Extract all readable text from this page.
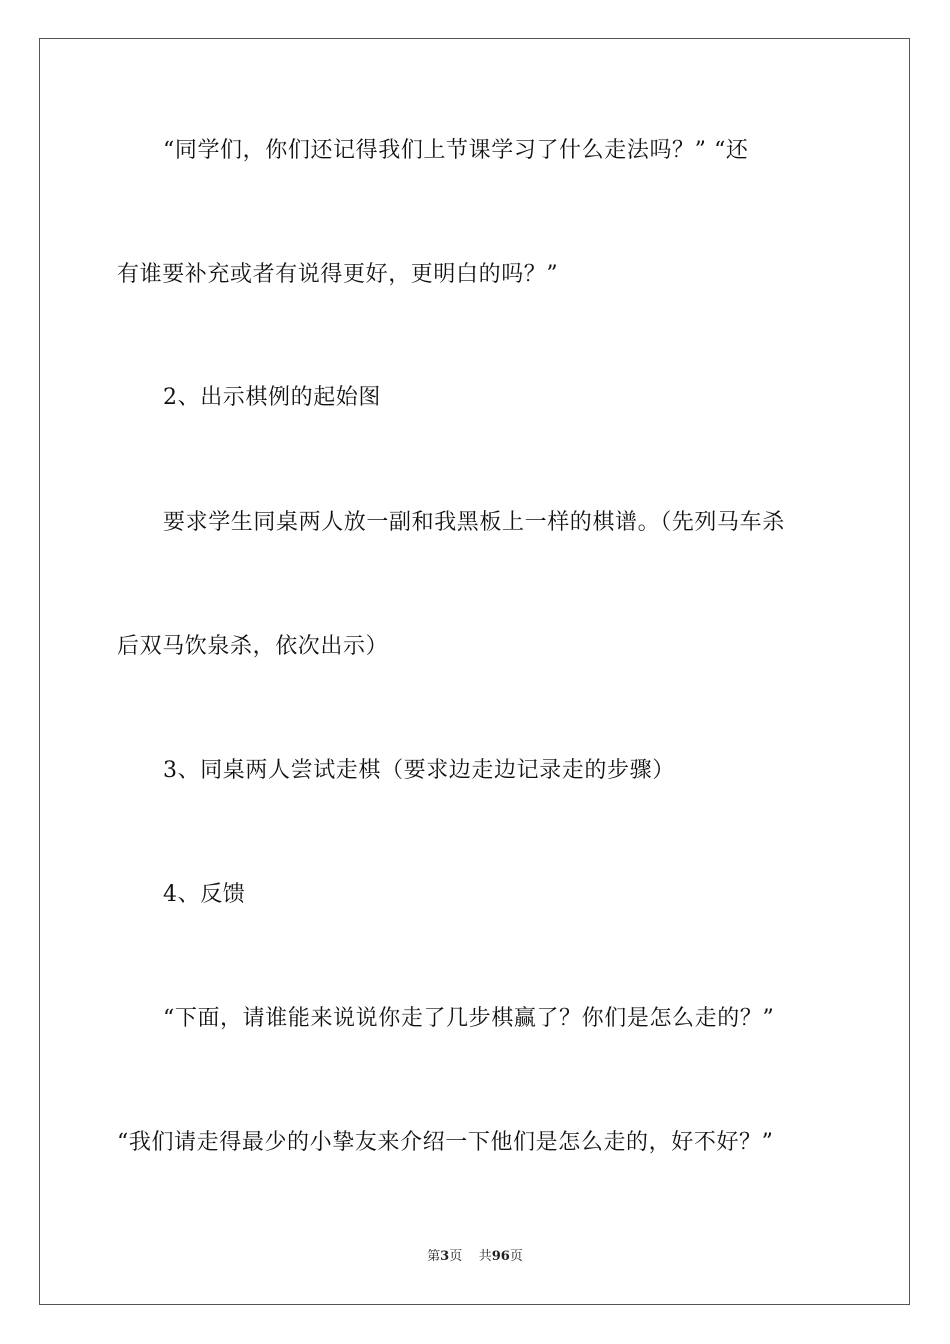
“同学们，你们还记得我们上节课学习了什么走法吗？” “还
有谁要补充或者有说得更好，更明白的吗？”
2、出示棋例的起始图
要求学生同桌两人放一副和我黑板上一样的棋谱。（先列马车杀
后双马饮泉杀，依次出示）
3、同桌两人尝试走棋（要求边走边记录走的步骤）
4、反馈
“下面，请谁能来说说你走了几步棋赢了？你们是怎么走的？”
“我们请走得最少的小挚友来介绍一下他们是怎么走的，好不好？”
第3页 共96页
